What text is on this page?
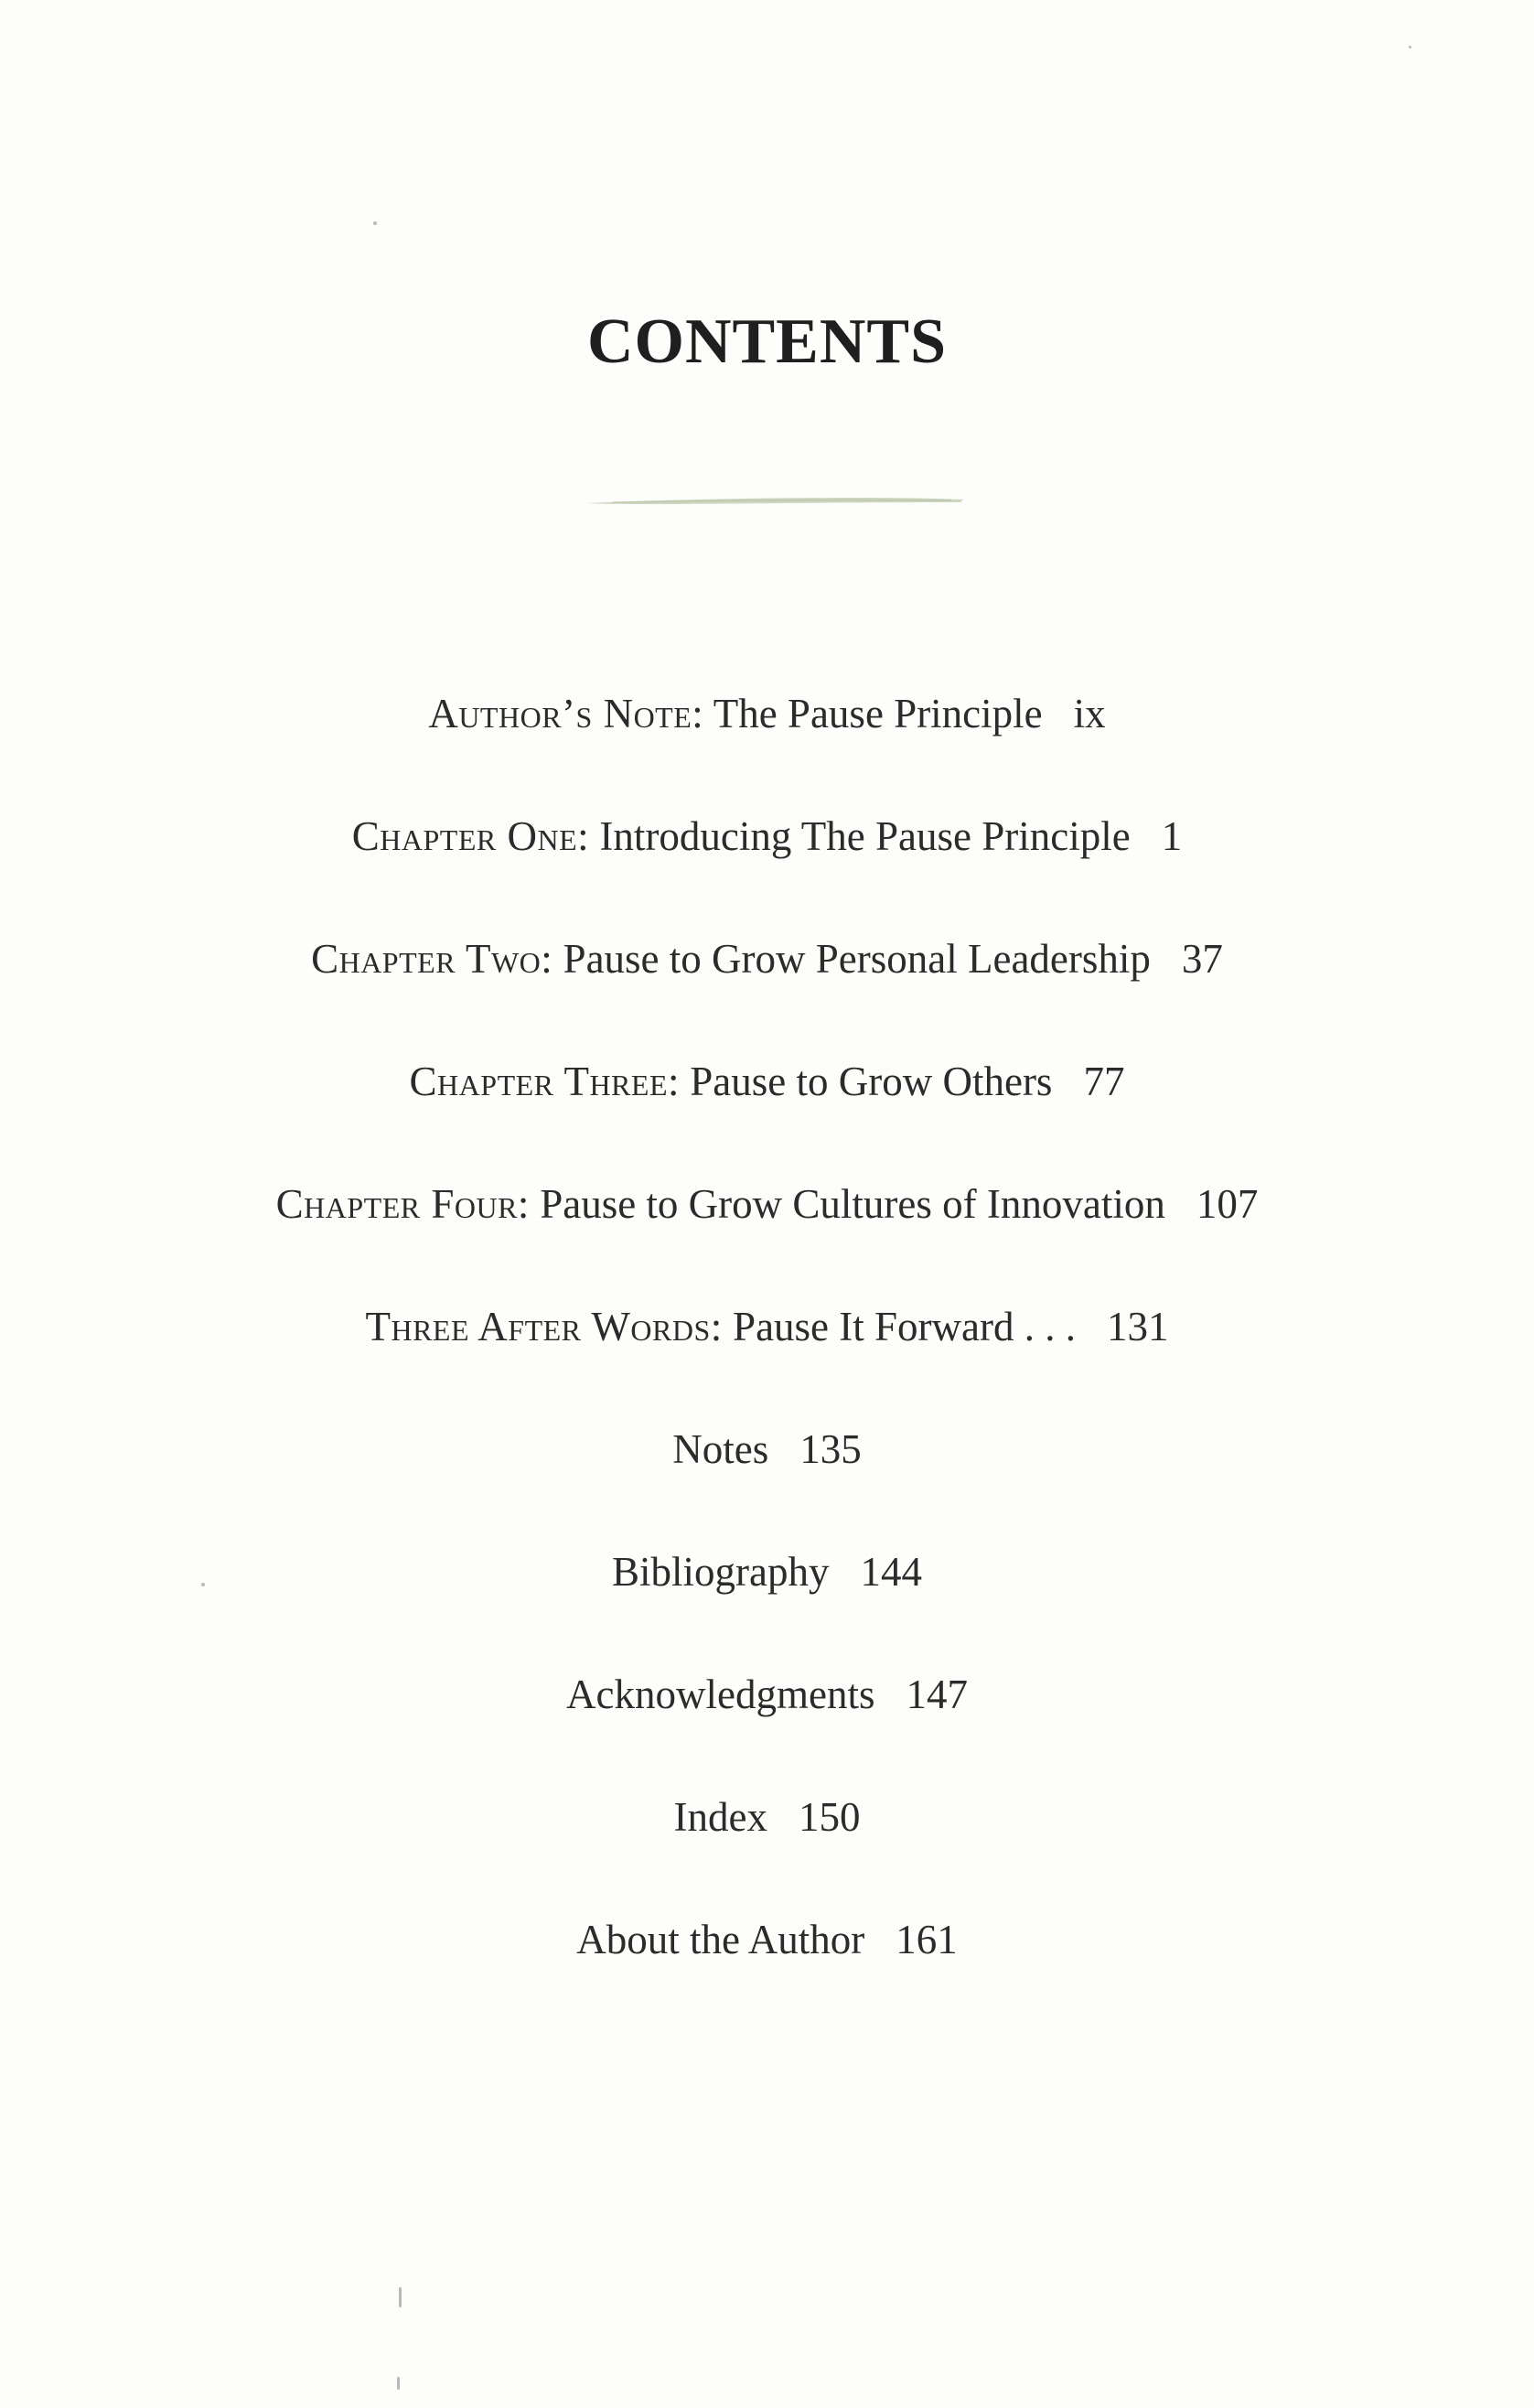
CONTENTS
Author’s Note: The Pause Principle ix
Chapter One: Introducing The Pause Principle 1
Chapter Two: Pause to Grow Personal Leadership 37
Chapter Three: Pause to Grow Others 77
Chapter Four: Pause to Grow Cultures of Innovation 107
Three After Words: Pause It Forward . . . 131
Notes 135
Bibliography 144
Acknowledgments 147
Index 150
About the Author 161
